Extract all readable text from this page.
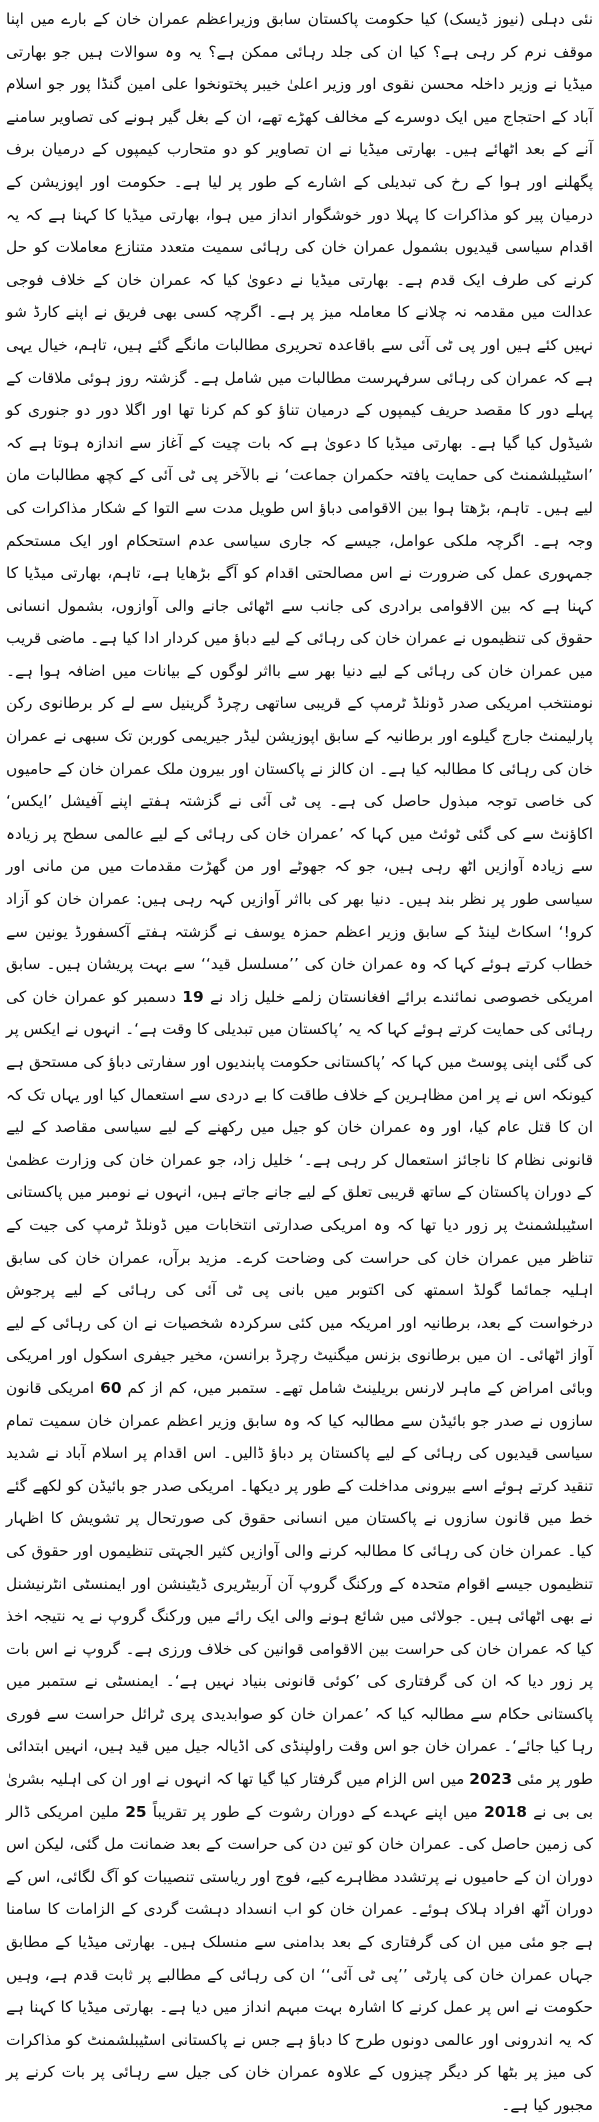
نئی دہلی (نیوز ڈیسک) کیا حکومت پاکستان سابق وزیراعظم عمران خان کے بارے میں اپنا موقف نرم کر رہی ہے؟ کیا ان کی جلد رہائی ممکن ہے؟ یہ وہ سوالات ہیں جو بھارتی میڈیا نے وزیر داخلہ محسن نقوی اور وزیر اعلیٰ خیبر پختونخوا علی امین گنڈا پور جو اسلام آباد کے احتجاج میں ایک دوسرے کے مخالف کھڑے تھے، ان کے بغل گیر ہونے کی تصاویر سامنے آنے کے بعد اٹھائے ہیں۔ بھارتی میڈیا نے ان تصاویر کو دو متحارب کیمپوں کے درمیان برف پگھلنے اور ہوا کے رخ کی تبدیلی کے اشارے کے طور پر لیا ہے۔ حکومت اور اپوزیشن کے درمیان پیر کو مذاکرات کا پہلا دور خوشگوار انداز میں ہوا، بھارتی میڈیا کا کہنا ہے کہ یہ اقدام سیاسی قیدیوں بشمول عمران خان کی رہائی سمیت متعدد متنازع معاملات کو حل کرنے کی طرف ایک قدم ہے۔ بھارتی میڈیا نے دعویٰ کیا کہ عمران خان کے خلاف فوجی عدالت میں مقدمہ نہ چلانے کا معاملہ میز پر ہے۔ اگرچہ کسی بھی فریق نے اپنے کارڈ شو نہیں کئے ہیں اور پی ٹی آئی سے باقاعدہ تحریری مطالبات مانگے گئے ہیں، تاہم، خیال یہی ہے کہ عمران کی رہائی سرفہرست مطالبات میں شامل ہے۔ گزشتہ روز ہوئی ملاقات کے پہلے دور کا مقصد حریف کیمپوں کے درمیان تناؤ کو کم کرنا تھا اور اگلا دور دو جنوری کو شیڈول کیا گیا ہے۔ بھارتی میڈیا کا دعویٰ ہے کہ بات چیت کے آغاز سے اندازہ ہوتا ہے کہ ’اسٹیبلشمنٹ کی حمایت یافتہ حکمران جماعت‘ نے بالآخر پی ٹی آئی کے کچھ مطالبات مان لیے ہیں۔ تاہم، بڑھتا ہوا بین الاقوامی دباؤ اس طویل مدت سے التوا کے شکار مذاکرات کی وجہ ہے۔ اگرچہ ملکی عوامل، جیسے کہ جاری سیاسی عدم استحکام اور ایک مستحکم جمہوری عمل کی ضرورت نے اس مصالحتی اقدام کو آگے بڑھایا ہے، تاہم، بھارتی میڈیا کا کہنا ہے کہ بین الاقوامی برادری کی جانب سے اٹھائی جانے والی آوازوں، بشمول انسانی حقوق کی تنظیموں نے عمران خان کی رہائی کے لیے دباؤ میں کردار ادا کیا ہے۔ ماضی قریب میں عمران خان کی رہائی کے لیے دنیا بھر سے بااثر لوگوں کے بیانات میں اضافہ ہوا ہے۔ نومنتخب امریکی صدر ڈونلڈ ٹرمپ کے قریبی ساتھی رچرڈ گرینیل سے لے کر برطانوی رکن پارلیمنٹ جارج گیلوے اور برطانیہ کے سابق اپوزیشن لیڈر جیریمی کوربن تک سبھی نے عمران خان کی رہائی کا مطالبہ کیا ہے۔ ان کالز نے پاکستان اور بیرون ملک عمران خان کے حامیوں کی خاصی توجہ مبذول حاصل کی ہے۔ پی ٹی آئی نے گزشتہ ہفتے اپنے آفیشل ’ایکس‘ اکاؤنٹ سے کی گئی ٹوئٹ میں کہا کہ ’عمران خان کی رہائی کے لیے عالمی سطح پر زیادہ سے زیادہ آوازیں اٹھ رہی ہیں، جو کہ جھوٹے اور من گھڑت مقدمات میں من مانی اور سیاسی طور پر نظر بند ہیں۔ دنیا بھر کی بااثر آوازیں کہہ رہی ہیں: عمران خان کو آزاد کرو!‘ اسکاٹ لینڈ کے سابق وزیر اعظم حمزہ یوسف نے گزشتہ ہفتے آکسفورڈ یونین سے خطاب کرتے ہوئے کہا کہ وہ عمران خان کی ’’مسلسل قید‘‘ سے بہت پریشان ہیں۔ سابق امریکی خصوصی نمائندے برائے افغانستان زلمے خلیل زاد نے 19 دسمبر کو عمران خان کی رہائی کی حمایت کرتے ہوئے کہا کہ یہ ’پاکستان میں تبدیلی کا وقت ہے‘۔ انہوں نے ایکس پر کی گئی اپنی پوسٹ میں کہا کہ ’پاکستانی حکومت پابندیوں اور سفارتی دباؤ کی مستحق ہے کیونکہ اس نے پر امن مظاہرین کے خلاف طاقت کا بے دردی سے استعمال کیا اور یہاں تک کہ ان کا قتل عام کیا، اور وہ عمران خان کو جیل میں رکھنے کے لیے سیاسی مقاصد کے لیے قانونی نظام کا ناجائز استعمال کر رہی ہے۔‘ خلیل زاد، جو عمران خان کی وزارت عظمیٰ کے دوران پاکستان کے ساتھ قریبی تعلق کے لیے جانے جاتے ہیں، انہوں نے نومبر میں پاکستانی اسٹیبلشمنٹ پر زور دیا تھا کہ وہ امریکی صدارتی انتخابات میں ڈونلڈ ٹرمپ کی جیت کے تناظر میں عمران خان کی حراست کی وضاحت کرے۔ مزید برآں، عمران خان کی سابق اہلیہ جمائما گولڈ اسمتھ کی اکتوبر میں بانی پی ٹی آئی کی رہائی کے لیے پرجوش درخواست کے بعد، برطانیہ اور امریکہ میں کئی سرکردہ شخصیات نے ان کی رہائی کے لیے آواز اٹھائی۔ ان میں برطانوی بزنس میگنیٹ رچرڈ برانسن، مخیر جیفری اسکول اور امریکی وبائی امراض کے ماہر لارنس بریلینٹ شامل تھے۔ ستمبر میں، کم از کم 60 امریکی قانون سازوں نے صدر جو بائیڈن سے مطالبہ کیا کہ وہ سابق وزیر اعظم عمران خان سمیت تمام سیاسی قیدیوں کی رہائی کے لیے پاکستان پر دباؤ ڈالیں۔ اس اقدام پر اسلام آباد نے شدید تنقید کرتے ہوئے اسے بیرونی مداخلت کے طور پر دیکھا۔ امریکی صدر جو بائیڈن کو لکھے گئے خط میں قانون سازوں نے پاکستان میں انسانی حقوق کی صورتحال پر تشویش کا اظہار کیا۔ عمران خان کی رہائی کا مطالبہ کرنے والی آوازیں کثیر الجہتی تنظیموں اور حقوق کی تنظیموں جیسے اقوام متحدہ کے ورکنگ گروپ آن آربیٹریری ڈیٹینشن اور ایمنسٹی انٹرنیشنل نے بھی اٹھائی ہیں۔ جولائی میں شائع ہونے والی ایک رائے میں ورکنگ گروپ نے یہ نتیجہ اخذ کیا کہ عمران خان کی حراست بین الاقوامی قوانین کی خلاف ورزی ہے۔ گروپ نے اس بات پر زور دیا کہ ان کی گرفتاری کی ’کوئی قانونی بنیاد نہیں ہے‘۔ ایمنسٹی نے ستمبر میں پاکستانی حکام سے مطالبہ کیا کہ ’عمران خان کو صوابدیدی پری ٹرائل حراست سے فوری رہا کیا جائے‘۔ عمران خان جو اس وقت راولپنڈی کی اڈیالہ جیل میں قید ہیں، انہیں ابتدائی طور پر مئی 2023 میں اس الزام میں گرفتار کیا گیا تھا کہ انہوں نے اور ان کی اہلیہ بشریٰ بی بی نے 2018 میں اپنے عہدے کے دوران رشوت کے طور پر تقریباً 25 ملین امریکی ڈالر کی زمین حاصل کی۔ عمران خان کو تین دن کی حراست کے بعد ضمانت مل گئی، لیکن اس دوران ان کے حامیوں نے پرتشدد مظاہرے کیے، فوج اور ریاستی تنصیبات کو آگ لگائی، اس کے دوران آٹھ افراد ہلاک ہوئے۔ عمران خان کو اب انسداد دہشت گردی کے الزامات کا سامنا ہے جو مئی میں ان کی گرفتاری کے بعد بدامنی سے منسلک ہیں۔ بھارتی میڈیا کے مطابق جہاں عمران خان کی پارٹی ’’پی ٹی آئی‘‘ ان کی رہائی کے مطالبے پر ثابت قدم ہے، وہیں حکومت نے اس پر عمل کرنے کا اشارہ بہت مبہم انداز میں دیا ہے۔ بھارتی میڈیا کا کہنا ہے کہ یہ اندرونی اور عالمی دونوں طرح کا دباؤ ہے جس نے پاکستانی اسٹیبلشمنٹ کو مذاکرات کی میز پر بٹھا کر دیگر چیزوں کے علاوہ عمران خان کی جیل سے رہائی پر بات کرنے پر مجبور کیا ہے۔
